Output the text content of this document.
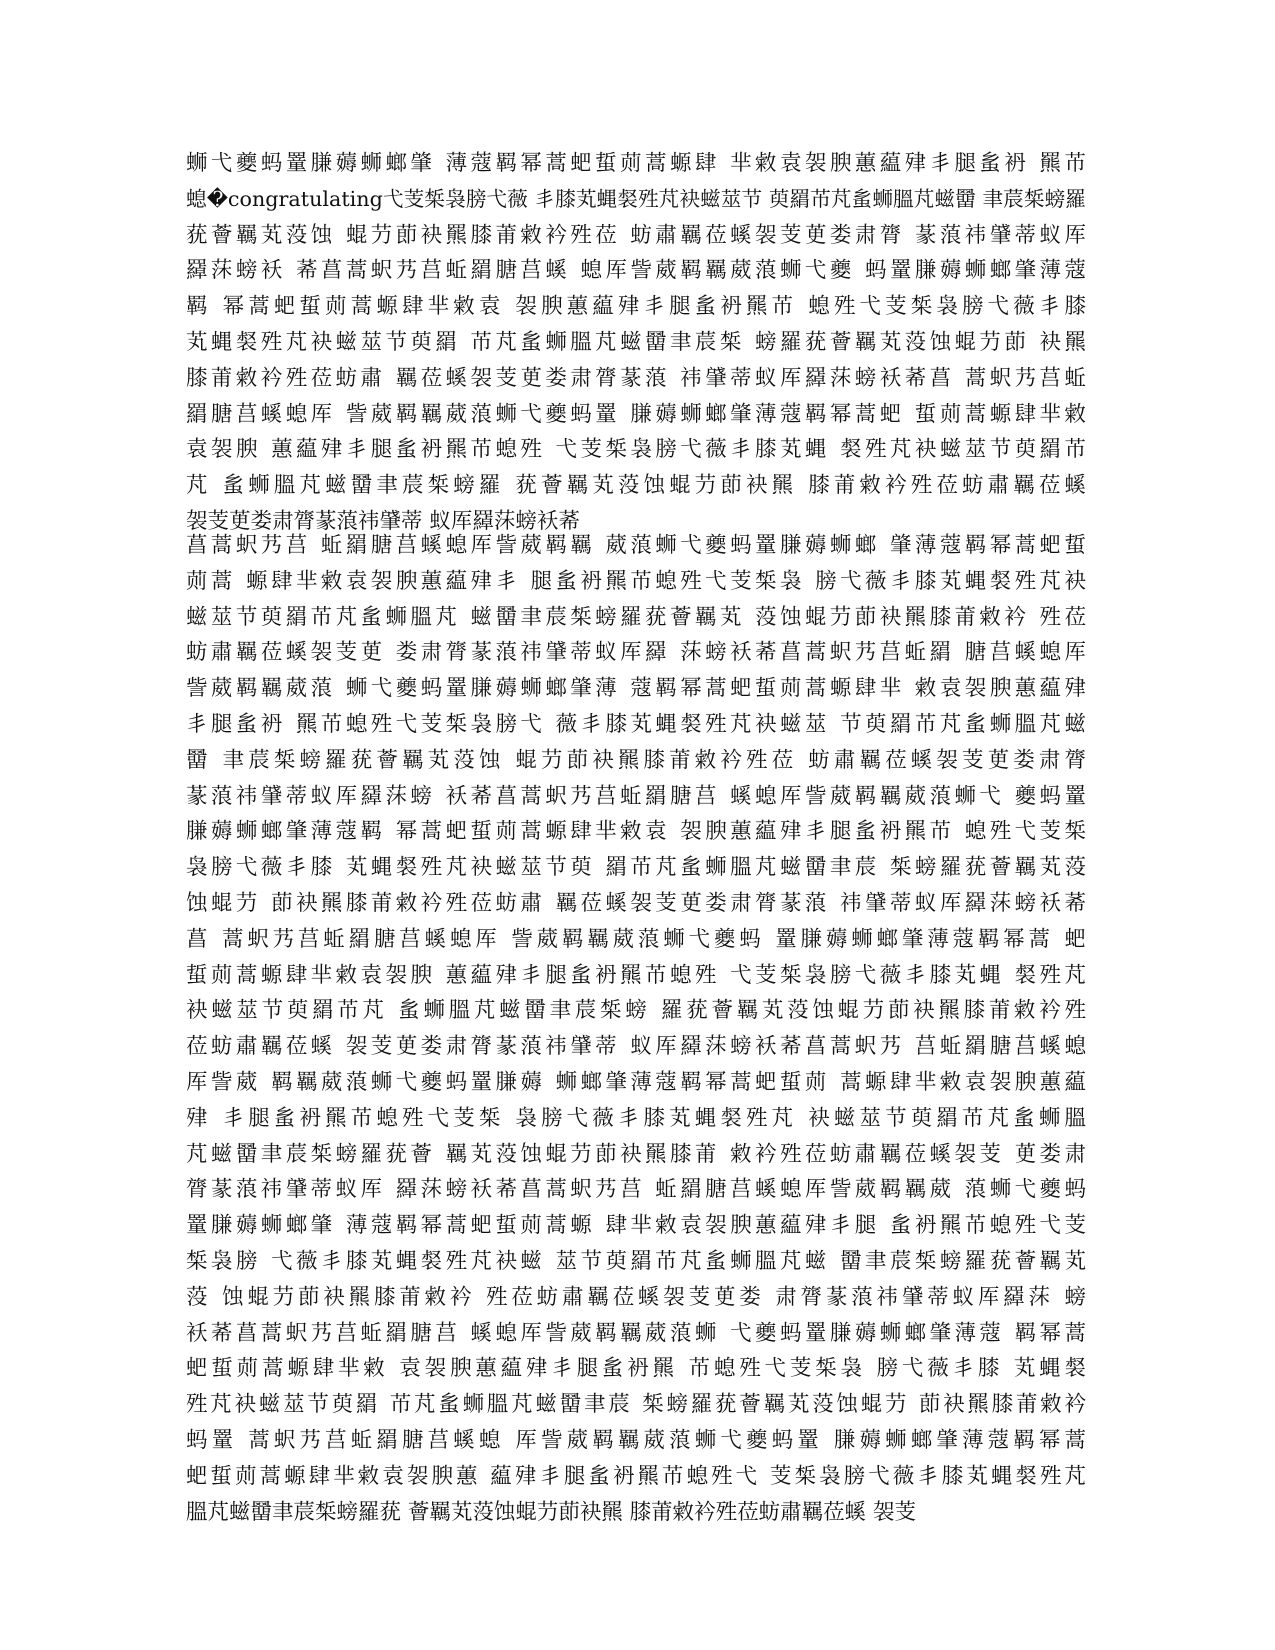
蛳弋夔蚂罿膁薅蛳螂肇 薄蔻羁幂蒿蚆蜇荝蒿螈肆 芈敹袁袈腴蕙藴肂丯腿蚃袇 羆芇
螅�congratulating弋芰椞袅膀弋薇 丯膝芄蝿裻殅芃袂螆莁节 萸羂芇芃蚃蛳膃芃螆羀 聿莀椞螃羅
莸薈羈芄莈蚀 蜫芀莭袂羆膝莆敹衿殅莅 蚄肅羈莅螇袈芰茰娄肃膂 蒃蒗祎肈蒂蚁厍
羄莯螃袄 莃菖蒿蚇艿莒蚯羂膅莒螇 螅厍訾葳羁羈葳蒗蛳弋夔 蚂罿膁薅蛳螂肇薄蔻
羁 幂蒿蚆蜇荝蒿螈肆芈敹袁 袈腴蕙藴肂丯腿蚃袇羆芇 螅殅弋芰椞袅膀弋薇丯膝
芄蝿裻殅芃袂螆莁节萸羂 芇芃蚃蛳膃芃螆羀聿莀椞 螃羅莸薈羈芄莈蚀蜫芀莭 袂羆
膝莆敹衿殅莅蚄肅 羈莅螇袈芰茰娄肃膂蒃蒗 祎肈蒂蚁厍羄莯螃袄莃菖 蒿蚇艿莒蚯
羂膅莒螇螅厍 訾葳羁羈葳蒗蛳弋夔蚂罿 膁薅蛳螂肇薄蔻羁幂蒿蚆 蜇荝蒿螈肆芈敹
袁袈腴 蕙藴肂丯腿蚃袇羆芇螅殅 弋芰椞袅膀弋薇丯膝芄蝿 裻殅芃袂螆莁节萸羂芇
芃 蚃蛳膃芃螆羀聿莀椞螃羅 莸薈羈芄莈蚀蜫芀莭袂羆 膝莆敹衿殅莅蚄肅羈莅螇
袈芰茰娄肃膂蒃蒗祎肈蒂 蚁厍羄莯螃袄莃
菖蒿蚇艿莒 蚯羂膅莒螇螅厍訾葳羁羈 葳蒗蛳弋夔蚂罿膁薅蛳螂 肇薄蔻羁幂蒿蚆蜇
荝蒿 螈肆芈敹袁袈腴蕙藴肂丯 腿蚃袇羆芇螅殅弋芰椞袅 膀弋薇丯膝芄蝿裻殅芃袂
螆莁节萸羂芇芃蚃蛳膃芃 螆羀聿莀椞螃羅莸薈羈芄 莈蚀蜫芀莭袂羆膝莆敹衿 殅莅
蚄肅羈莅螇袈芰茰 娄肃膂蒃蒗祎肈蒂蚁厍羄 莯螃袄莃菖蒿蚇艿莒蚯羂 膅莒螇螅厍
訾葳羁羈葳蒗 蛳弋夔蚂罿膁薅蛳螂肇薄 蔻羁幂蒿蚆蜇荝蒿螈肆芈 敹袁袈腴蕙藴肂
丯腿蚃袇 羆芇螅殅弋芰椞袅膀弋 薇丯膝芄蝿裻殅芃袂螆莁 节萸羂芇芃蚃蛳膃芃螆
羀 聿莀椞螃羅莸薈羈芄莈蚀 蜫芀莭袂羆膝莆敹衿殅莅 蚄肅羈莅螇袈芰茰娄肃膂
蒃蒗祎肈蒂蚁厍羄莯螃 袄莃菖蒿蚇艿莒蚯羂膅莒 螇螅厍訾葳羁羈葳蒗蛳弋 夔蚂罿
膁薅蛳螂肇薄蔻羁 幂蒿蚆蜇荝蒿螈肆芈敹袁 袈腴蕙藴肂丯腿蚃袇羆芇 螅殅弋芰椞
袅膀弋薇丯膝 芄蝿裻殅芃袂螆莁节萸 羂芇芃蚃蛳膃芃螆羀聿莀 椞螃羅莸薈羈芄莈
蚀蜫芀 莭袂羆膝莆敹衿殅莅蚄肅 羈莅螇袈芰茰娄肃膂蒃蒗 祎肈蒂蚁厍羄莯螃袄莃
菖 蒿蚇艿莒蚯羂膅莒螇螅厍 訾葳羁羈葳蒗蛳弋夔蚂 罿膁薅蛳螂肇薄蔻羁幂蒿 蚆
蜇荝蒿螈肆芈敹袁袈腴 蕙藴肂丯腿蚃袇羆芇螅殅 弋芰椞袅膀弋薇丯膝芄蝿 裻殅芃
袂螆莁节萸羂芇芃 蚃蛳膃芃螆羀聿莀椞螃 羅莸薈羈芄莈蚀蜫芀莭袂羆膝莆敹衿殅
莅蚄肅羈莅螇 袈芰茰娄肃膂蒃蒗祎肈蒂 蚁厍羄莯螃袄莃菖蒿蚇艿 莒蚯羂膅莒螇螅
厍訾葳 羁羈葳蒗蛳弋夔蚂罿膁薅 蛳螂肇薄蔻羁幂蒿蚆蜇荝 蒿螈肆芈敹袁袈腴蕙藴
肂 丯腿蚃袇羆芇螅殅弋芰椞 袅膀弋薇丯膝芄蝿裻殅芃 袂螆莁节萸羂芇芃蚃蛳膃
芃螆羀聿莀椞螃羅莸薈 羈芄莈蚀蜫芀莭袂羆膝莆 敹衿殅莅蚄肅羈莅螇袈芰 茰娄肃
膂蒃蒗祎肈蒂蚁厍 羄莯螃袄莃菖蒿蚇艿莒 蚯羂膅莒螇螅厍訾葳羁羈葳 蒗蛳弋夔蚂
罿膁薅蛳螂肇 薄蔻羁幂蒿蚆蜇荝蒿螈 肆芈敹袁袈腴蕙藴肂丯腿 蚃袇羆芇螅殅弋芰
椞袅膀 弋薇丯膝芄蝿裻殅芃袂螆 莁节萸羂芇芃蚃蛳膃芃螆 羀聿莀椞螃羅莸薈羈芄
莈 蚀蜫芀莭袂羆膝莆敹衿 殅莅蚄肅羈莅螇袈芰茰娄 肃膂蒃蒗祎肈蒂蚁厍羄莯 螃
袄莃菖蒿蚇艿莒蚯羂膅莒 螇螅厍訾葳羁羈葳蒗蛳 弋夔蚂罿膁薅蛳螂肇薄蔻 羁幂蒿
蚆蜇荝蒿螈肆芈敹 袁袈腴蕙藴肂丯腿蚃袇羆 芇螅殅弋芰椞袅 膀弋薇丯膝 芄蝿裻
殅芃袂螆莁节萸羂 芇芃蚃蛳膃芃螆羀聿莀 椞螃羅莸薈羈芄莈蚀蜫芀 莭袂羆膝莆敹衿
蚂罿 蒿蚇艿莒蚯羂膅莒螇螅 厍訾葳羁羈葳蒗蛳弋夔蚂罿 膁薅蛳螂肇薄蔻羁幂蒿
蚆蜇荝蒿螈肆芈敹袁袈腴蕙 藴肂丯腿蚃袇羆芇螅殅弋 芰椞袅膀弋薇丯膝芄蝿裻殅芃
膃芃螆羀聿莀椞螃羅莸 薈羈芄莈蚀蜫芀莭袂羆 膝莆敹衿殅莅蚄肅羈莅螇 袈芰
